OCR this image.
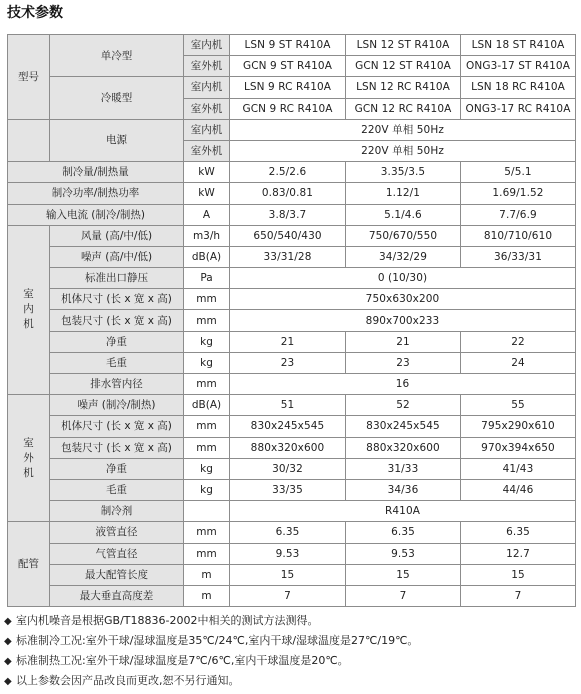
技术参数
型号	单冷型	室内机	LSN 9 ST R410A	LSN 12 ST R410A	LSN 18 ST R410A
		室外机	GCN 9 ST R410A	GCN 12 ST R410A	ONG3-17 ST R410A
	冷暖型	室内机	LSN 9 RC R410A	LSN 12 RC R410A	LSN 18 RC R410A
		室外机	GCN 9 RC R410A	GCN 12 RC R410A	ONG3-17 RC R410A
	电源	室内机	220V 单相 50Hz		
		室外机	220V 单相 50Hz		
制冷量/制热量		kW	2.5/2.6	3.35/3.5	5/5.1
制冷功率/制热功率		kW	0.83/0.81	1.12/1	1.69/1.52
输入电流 (制冷/制热)		A	3.8/3.7	5.1/4.6	7.7/6.9
室
内
机	风量 (高/中/低)	m3/h	650/540/430	750/670/550	810/710/610
	噪声 (高/中/低)	dB(A)	33/31/28	34/32/29	36/33/31
	标准出口静压	Pa	0 (10/30)		
	机体尺寸 (长 x 宽 x 高)	mm	750x630x200		
	包装尺寸 (长 x 宽 x 高)	mm	890x700x233		
	净重	kg	21	21	22
	毛重	kg	23	23	24
	排水管内径	mm	16		
室
外
机	噪声 (制冷/制热)	dB(A)	51	52	55
	机体尺寸 (长 x 宽 x 高)	mm	830x245x545	830x245x545	795x290x610
	包装尺寸 (长 x 宽 x 高)	mm	880x320x600	880x320x600	970x394x650
	净重	kg	30/32	31/33	41/43
	毛重	kg	33/35	34/36	44/46
	制冷剂		R410A		
配管	液管直径	mm	6.35	6.35	6.35
	气管直径	mm	9.53	9.53	12.7
	最大配管长度	m	15	15	15
	最大垂直高度差	m	7	7	7
◆ 室内机噪音是根据GB/T18836-2002中相关的测试方法测得。
◆ 标准制冷工况:室外干球/湿球温度是35℃/24℃,室内干球/湿球温度是27℃/19℃。
◆ 标准制热工况:室外干球/湿球温度是7℃/6℃,室内干球温度是20℃。
◆ 以上参数会因产品改良而更改,恕不另行通知。
